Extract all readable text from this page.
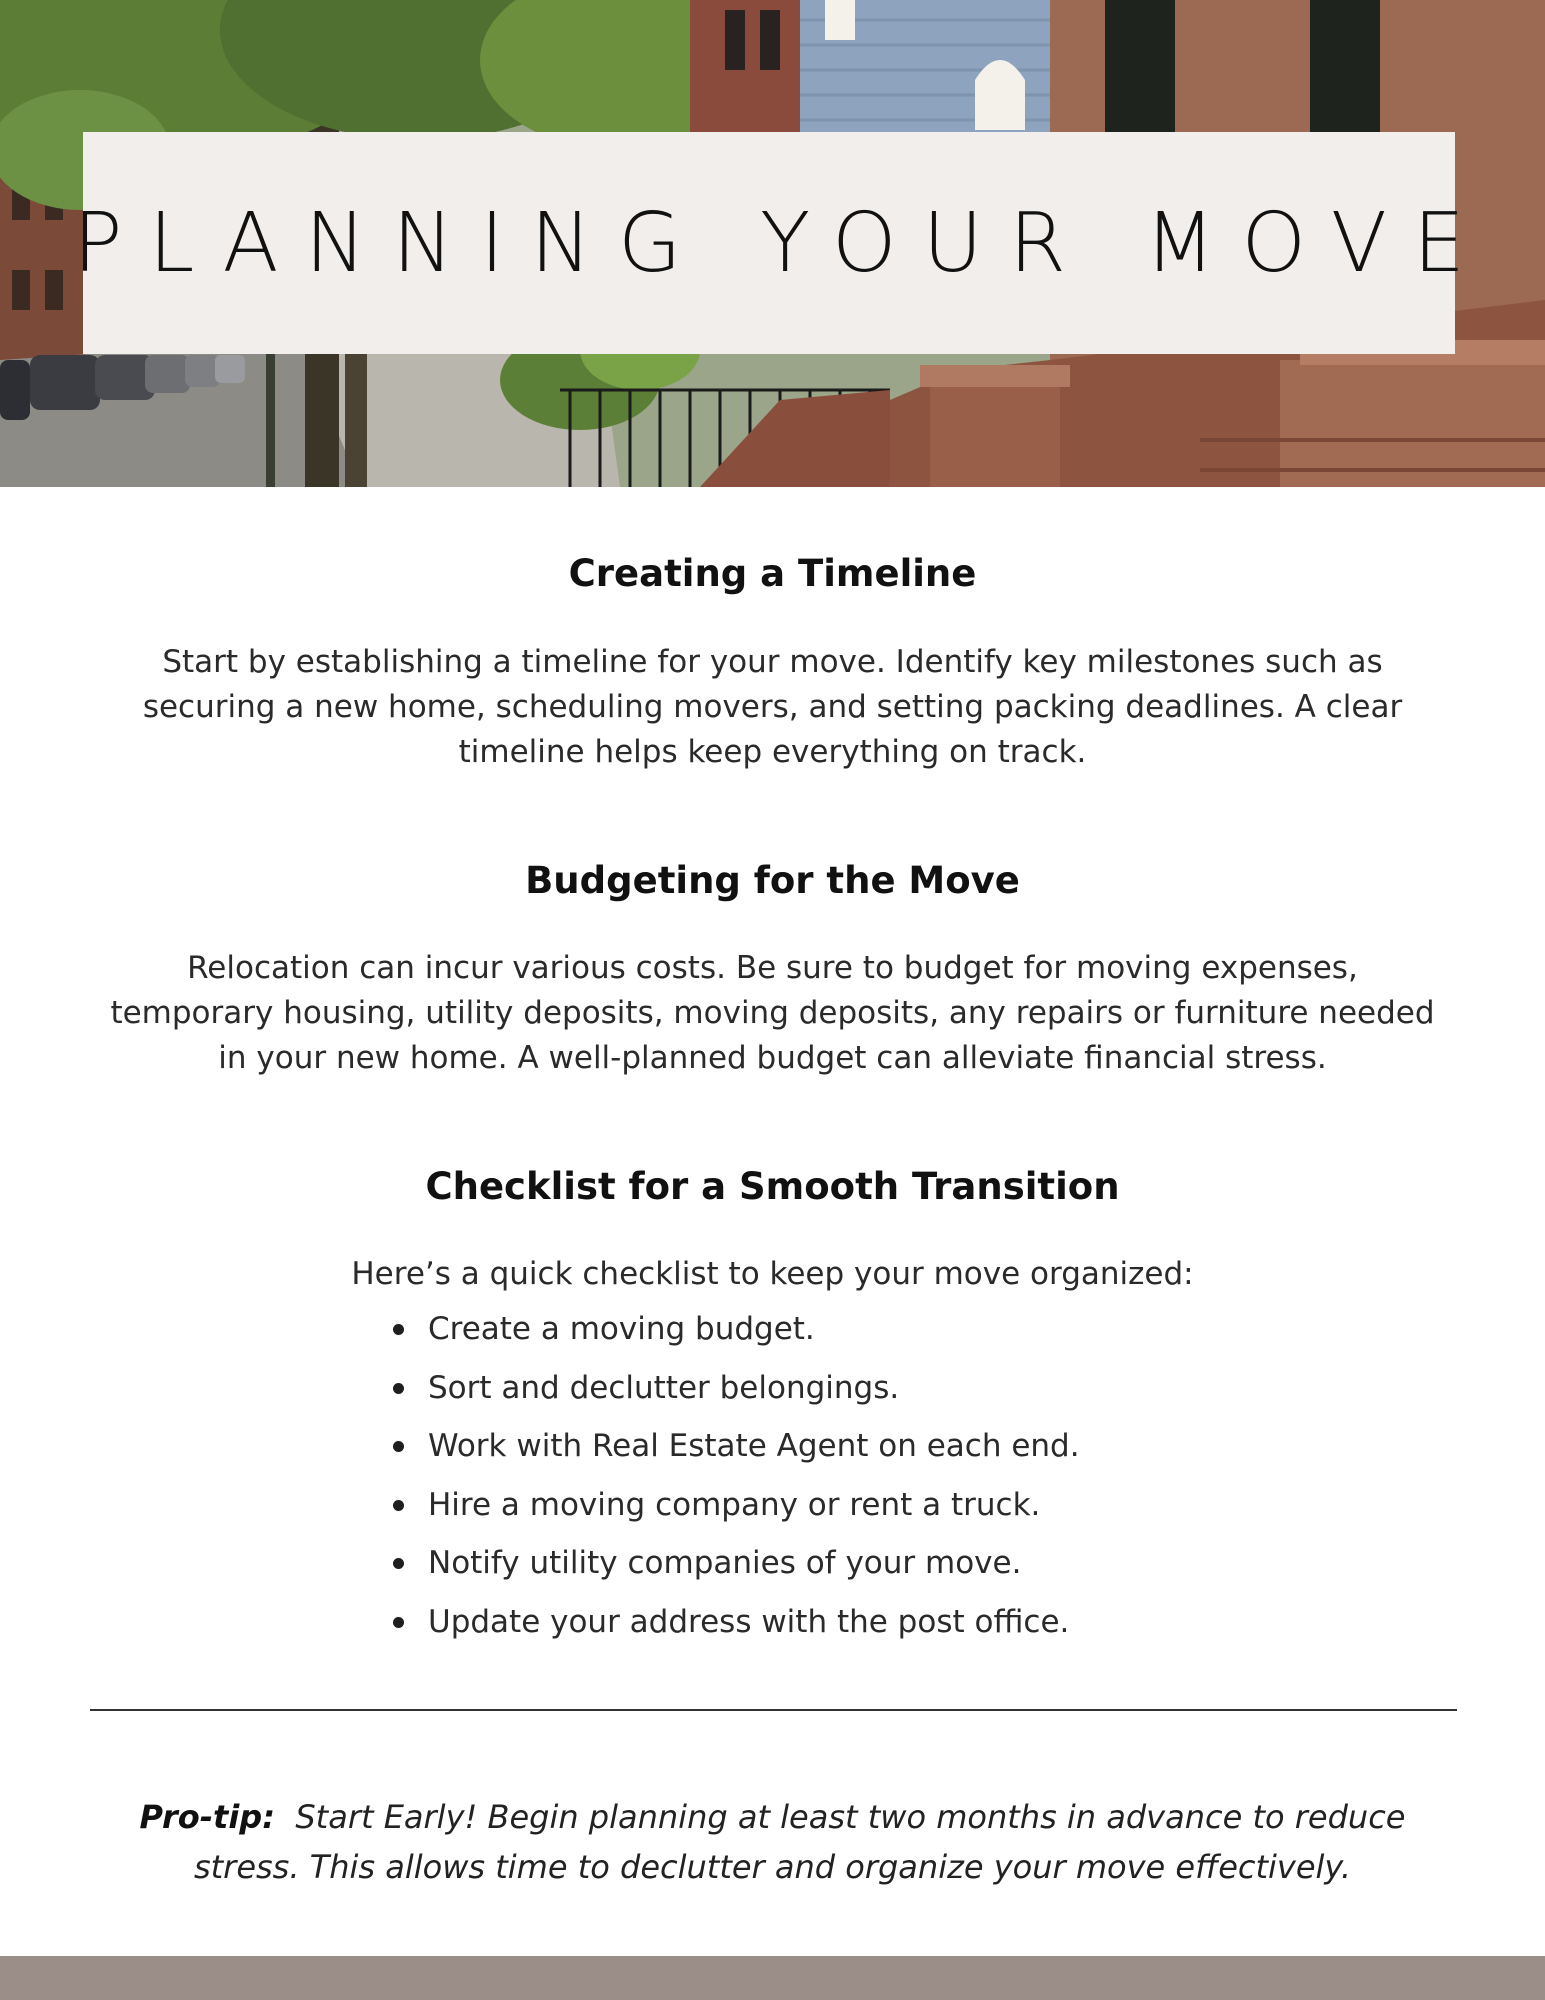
PLANNING YOUR MOVE
Creating a Timeline

Start by establishing a timeline for your move. Identify key milestones such as securing a new home, scheduling movers, and setting packing deadlines. A clear timeline helps keep everything on track.

Budgeting for the Move

Relocation can incur various costs. Be sure to budget for moving expenses, temporary housing, utility deposits, moving deposits, any repairs or furniture needed in your new home. A well-planned budget can alleviate financial stress.

Checklist for a Smooth Transition

Here’s a quick checklist to keep your move organized:

Create a moving budget.
Sort and declutter belongings.
Work with Real Estate Agent on each end.
Hire a moving company or rent a truck.
Notify utility companies of your move.
Update your address with the post office.

Pro-tip: Start Early! Begin planning at least two months in advance to reduce stress. This allows time to declutter and organize your move effectively.
